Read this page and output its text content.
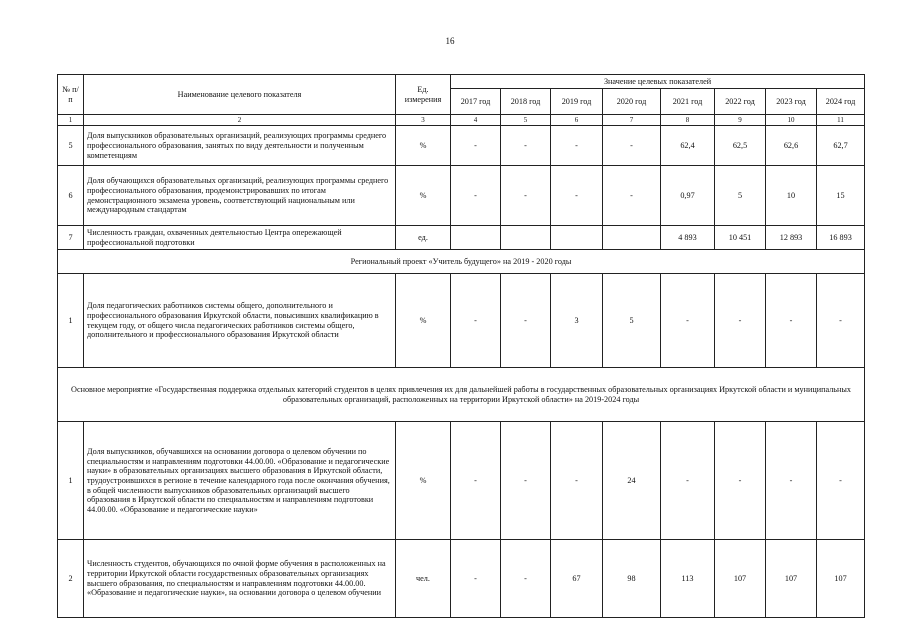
16
№ п/п	Наименование целевого показателя	Ед. измерения	Значение целевых показателей							
			2017 год	2018 год	2019 год	2020 год	2021 год	2022 год	2023 год	2024 год
1	2	3	4	5	6	7	8	9	10	11
5	Доля выпускников образовательных организаций, реализующих программы среднего профессионального образования, занятых по виду деятельности и полученным компетенциям	%	-	-	-	-	62,4	62,5	62,6	62,7
6	Доля обучающихся образовательных организаций, реализующих программы среднего профессионального образования, продемонстрировавших по итогам демонстрационного экзамена уровень, соответствующий национальным или международным стандартам	%	-	-	-	-	0,97	5	10	15
7	Численность граждан, охваченных деятельностью Центра опережающей профессиональной подготовки	ед.					4 893	10 451	12 893	16 893
Региональный проект «Учитель будущего» на 2019 - 2020 годы										
1	Доля педагогических работников системы общего, дополнительного и профессионального образования Иркутской области, повысивших квалификацию в текущем году, от общего числа педагогических работников системы общего, дополнительного и профессионального образования Иркутской области	%	-	-	3	5	-	-	-	-
Основное мероприятие «Государственная поддержка отдельных категорий студентов в целях привлечения их для дальнейшей работы в государственных образовательных организациях Иркутской области и муниципальных образовательных организаций, расположенных на территории Иркутской области» на 2019-2024 годы										
1	Доля выпускников, обучавшихся на основании договора о целевом обучении по специальностям и направлениям подготовки 44.00.00. «Образование и педагогические науки» в образовательных организациях высшего образования в Иркутской области, трудоустроившихся в регионе в течение календарного года после окончания обучения, в общей численности выпускников образовательных организаций высшего образования в Иркутской области по специальностям и направлениям подготовки 44.00.00. «Образование и педагогические науки»	%	-	-	-	24	-	-	-	-
2	Численность студентов, обучающихся по очной форме обучения в расположенных на территории Иркутской области государственных образовательных организациях высшего образования, по специальностям и направлениям подготовки 44.00.00. «Образование и педагогические науки», на основании договора о целевом обучении	чел.	-	-	67	98	113	107	107	107
